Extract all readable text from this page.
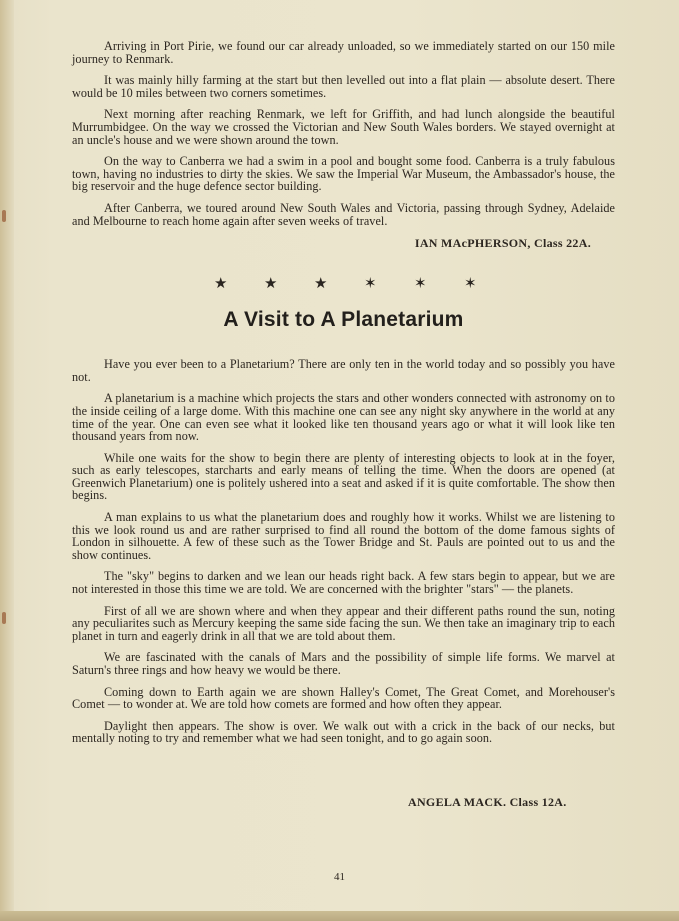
Arriving in Port Pirie, we found our car already unloaded, so we immediately started on our 150 mile journey to Renmark.

It was mainly hilly farming at the start but then levelled out into a flat plain — absolute desert. There would be 10 miles between two corners sometimes.

Next morning after reaching Renmark, we left for Griffith, and had lunch alongside the beautiful Murrumbidgee. On the way we crossed the Victorian and New South Wales borders. We stayed overnight at an uncle's house and we were shown around the town.

On the way to Canberra we had a swim in a pool and bought some food. Canberra is a truly fabulous town, having no industries to dirty the skies. We saw the Imperial War Museum, the Ambassador's house, the big reservoir and the huge defence sector building.

After Canberra, we toured around New South Wales and Victoria, passing through Sydney, Adelaide and Melbourne to reach home again after seven weeks of travel.

IAN MAcPHERSON, Class 22A.

★	★	★	✶	✶	✶
A Visit to A Planetarium

Have you ever been to a Planetarium? There are only ten in the world today and so possibly you have not.

A planetarium is a machine which projects the stars and other wonders connected with astronomy on to the inside ceiling of a large dome. With this machine one can see any night sky anywhere in the world at any time of the year. One can even see what it looked like ten thousand years ago or what it will look like ten thousand years from now.

While one waits for the show to begin there are plenty of interesting objects to look at in the foyer, such as early telescopes, starcharts and early means of telling the time. When the doors are opened (at Greenwich Planetarium) one is politely ushered into a seat and asked if it is quite comfortable. The show then begins.

A man explains to us what the planetarium does and roughly how it works. Whilst we are listening to this we look round us and are rather surprised to find all round the bottom of the dome famous sights of London in silhouette. A few of these such as the Tower Bridge and St. Pauls are pointed out to us and the show continues.

The "sky" begins to darken and we lean our heads right back. A few stars begin to appear, but we are not interested in those this time we are told. We are concerned with the brighter "stars" — the planets.

First of all we are shown where and when they appear and their different paths round the sun, noting any peculiarites such as Mercury keeping the same side facing the sun. We then take an imaginary trip to each planet in turn and eagerly drink in all that we are told about them.

We are fascinated with the canals of Mars and the possibility of simple life forms. We marvel at Saturn's three rings and how heavy we would be there.

Coming down to Earth again we are shown Halley's Comet, The Great Comet, and Morehouser's Comet — to wonder at. We are told how comets are formed and how often they appear.

Daylight then appears. The show is over. We walk out with a crick in the back of our necks, but mentally noting to try and remember what we had seen tonight, and to go again soon.

ANGELA MACK. Class 12A.

41
